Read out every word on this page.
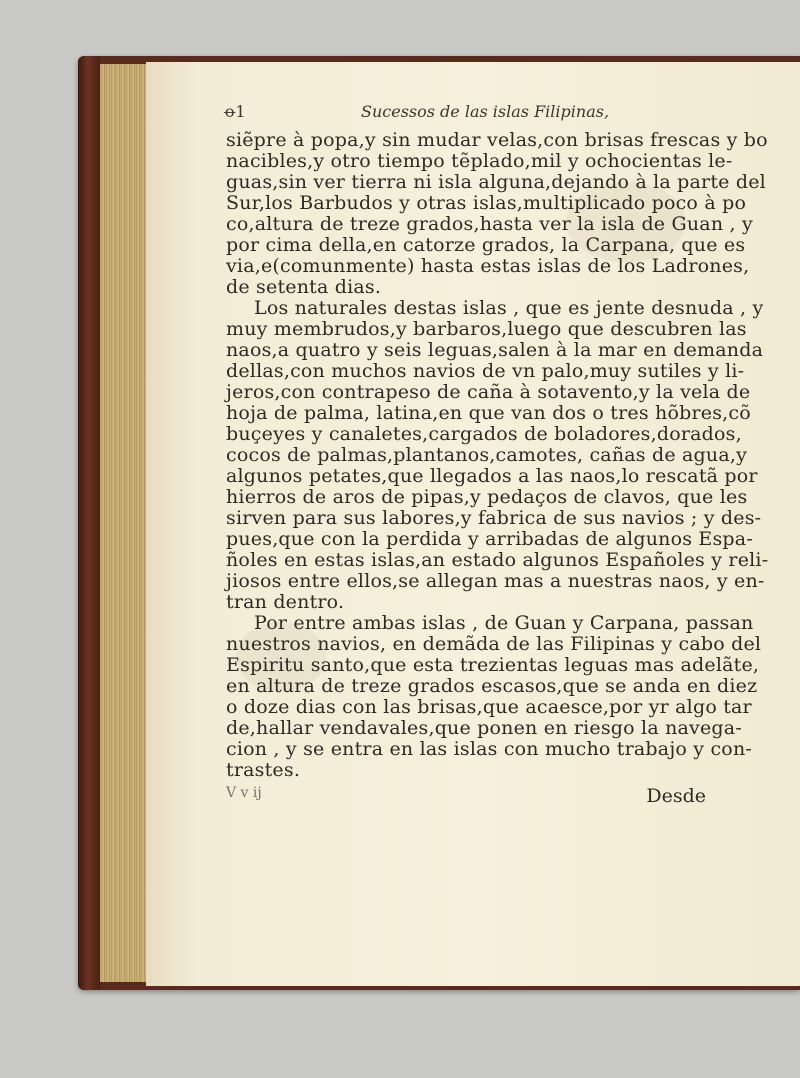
ꝋ1	Sucessos de las islas Filipinas,
siẽpre à popa,y sin mudar velas,con brisas frescas y bo
nacibles,y otro tiempo tẽplado,mil y ochocientas le-
guas,sin ver tierra ni isla alguna,dejando à la parte del
Sur,los Barbudos y otras islas,multiplicado poco à po
co,altura de treze grados,hasta ver la isla de Guan , y
por cima della,en catorze grados, la Carpana, que es
via,e(comunmente) hasta estas islas de los Ladrones,
de setenta dias.
Los naturales destas islas , que es jente desnuda , y
muy membrudos,y barbaros,luego que descubren las
naos,a quatro y seis leguas,salen à la mar en demanda
dellas,con muchos navios de vn palo,muy sutiles y li-
jeros,con contrapeso de caña à sotavento,y la vela de
hoja de palma, latina,en que van dos o tres hõbres,cõ
buçeyes y canaletes,cargados de boladores,dorados,
cocos de palmas,plantanos,camotes, cañas de agua,y
algunos petates,que llegados a las naos,lo rescatã por
hierros de aros de pipas,y pedaços de clavos, que les
sirven para sus labores,y fabrica de sus navios ; y des-
pues,que con la perdida y arribadas de algunos Espa-
ñoles en estas islas,an estado algunos Españoles y reli-
jiosos entre ellos,se allegan mas a nuestras naos, y en-
tran dentro.
Por entre ambas islas , de Guan y Carpana, passan
nuestros navios, en demãda de las Filipinas y cabo del
Espiritu santo,que esta trezientas leguas mas adelãte,
en altura de treze grados escasos,que se anda en diez
o doze dias con las brisas,que acaesce,por yr algo tar
de,hallar vendavales,que ponen en riesgo la navega-
cion , y se entra en las islas con mucho trabajo y con-
trastes.
V v ij	Desde
